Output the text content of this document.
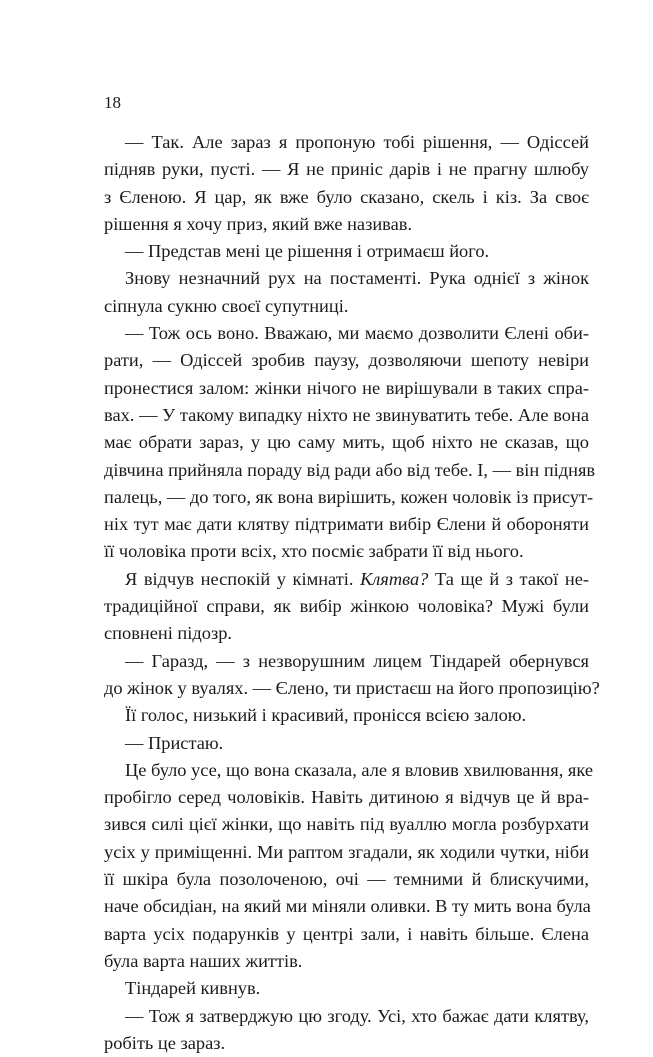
18
— Так. Але зараз я пропоную тобі рішення, — Одіссей
підняв руки, пусті. — Я не приніс дарів і не прагну шлюбу
з Єленою. Я цар, як вже було сказано, скель і кіз. За своє
рішення я хочу приз, який вже називав.
— Представ мені це рішення і отримаєш його.
Знову незначний рух на постаменті. Рука однієї з жінок
сіпнула сукню своєї супутниці.
— Тож ось воно. Вважаю, ми маємо дозволити Єлені оби-
рати, — Одіссей зробив паузу, дозволяючи шепоту невіри
пронестися залом: жінки нічого не вирішували в таких спра-
вах. — У такому випадку ніхто не звинуватить тебе. Але вона
має обрати зараз, у цю саму мить, щоб ніхто не сказав, що
дівчина прийняла пораду від ради або від тебе. І, — він підняв
палець, — до того, як вона вирішить, кожен чоловік із присут-
ніх тут має дати клятву підтримати вибір Єлени й обороняти
її чоловіка проти всіх, хто посміє забрати її від нього.
Я відчув неспокій у кімнаті. Клятва? Та ще й з такої не-
традиційної справи, як вибір жінкою чоловіка? Мужі були
сповнені підозр.
— Гаразд, — з незворушним лицем Тіндарей обернувся
до жінок у вуалях. — Єлено, ти пристаєш на його пропозицію?
Її голос, низький і красивий, пронісся всією залою.
— Пристаю.
Це було усе, що вона сказала, але я вловив хвилювання, яке
пробігло серед чоловіків. Навіть дитиною я відчув це й вра-
зився силі цієї жінки, що навіть під вуаллю могла розбурхати
усіх у приміщенні. Ми раптом згадали, як ходили чутки, ніби
її шкіра була позолоченою, очі — темними й блискучими,
наче обсидіан, на який ми міняли оливки. В ту мить вона була
варта усіх подарунків у центрі зали, і навіть більше. Єлена
була варта наших життів.
Тіндарей кивнув.
— Тож я затверджую цю згоду. Усі, хто бажає дати клятву,
робіть це зараз.
